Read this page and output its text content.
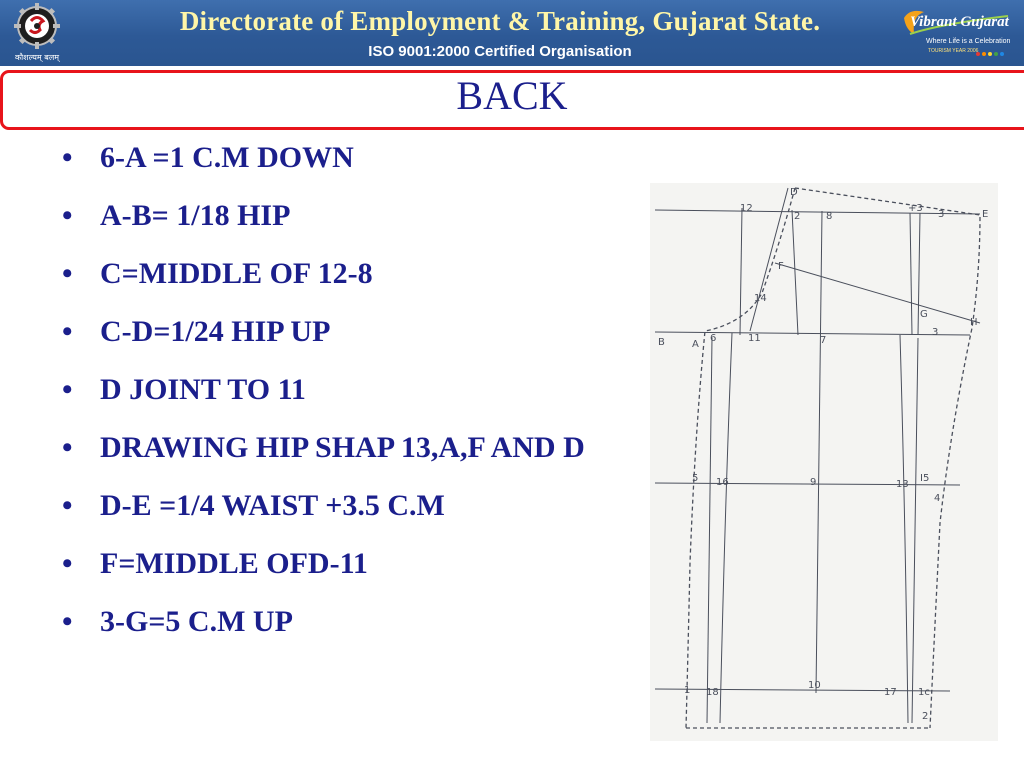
कौशल्यम् बलम्
Directorate of Employment & Training, Gujarat State.
ISO 9001:2000 Certified Organisation
Vibrant Gujarat
Where Life is a Celebration
TOURISM YEAR 2006
BACK
• 6-A =1 C.M DOWN
• A-B= 1/18 HIP
• C=MIDDLE OF 12-8
• C-D=1/24 HIP UP
• D JOINT TO 11
• DRAWING HIP SHAP 13,A,F AND D
• D-E =1/4 WAIST +3.5 C.M
• F=MIDDLE OFD-11
• 3-G=5 C.M UP
D
12
2	8
+3
3	E
F
14
G
H
B	A
6	11	7
3
5 16	9	13
I5
4
1 18
10
17 1c
2
